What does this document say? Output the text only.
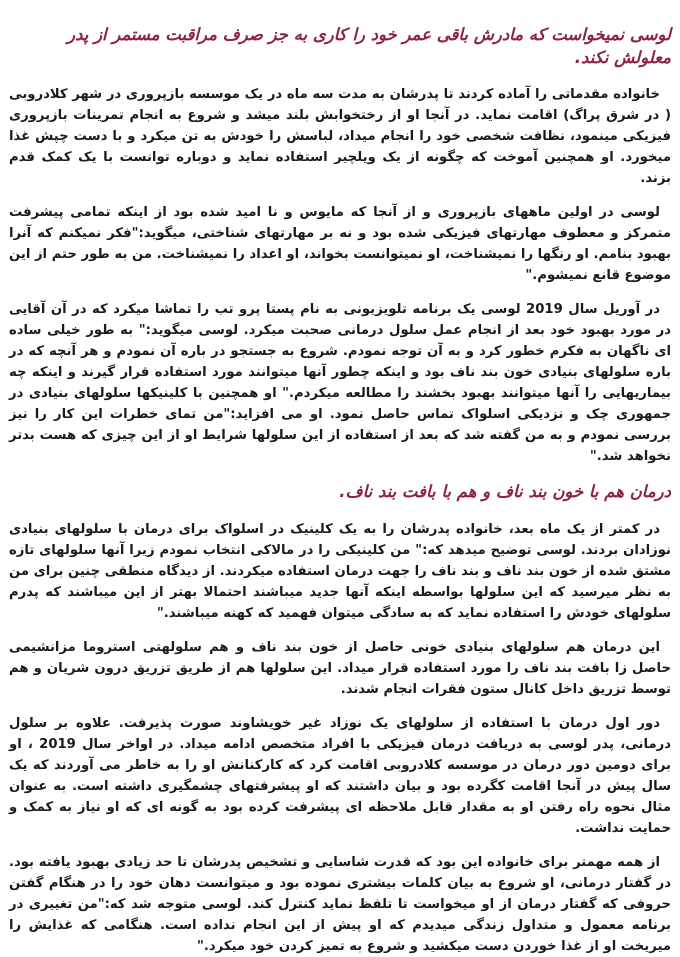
لوسی نمیخواست که مادرش باقی عمر خود را کاری به جز صرف مراقبت مستمر از پدر معلولش نکند.

خانواده مقدماتی را آماده کردند تا پدرشان به مدت سه ماه در یک موسسه بازپروری در شهر کلادروبی ( در شرق پراگ) اقامت نماید. در آنجا او از رختخوابش بلند میشد و شروع به انجام تمرینات بازپروری فیزیکی مینمود، نظافت شخصی خود را انجام میداد، لباسش را خودش به تن میکرد و با دست چپش غذا میخورد. او همچنین آموخت که چگونه از یک ویلچیر استفاده نماید و دوباره توانست با یک کمک قدم بزند.

لوسی در اولین ماههای بازپروری و از آنجا که مایوس و نا امید شده بود از اینکه تمامی پیشرفت متمرکز و معطوف مهارتهای فیزیکی شده بود و نه بر مهارتهای شناختی، میگوید:"فکر نمیکنم که آنرا بهبود بنامم. او رنگها را نمیشناخت، او نمیتوانست بخواند، او اعداد را نمیشناخت. من به طور حتم از این موضوع قانع نمیشوم."

در آوریل سال 2019 لوسی یک برنامه تلویزیونی به نام پستا پرو تب را تماشا میکرد که در آن آقایی در مورد بهبود خود بعد از انجام عمل سلول درمانی صحبت میکرد. لوسی میگوید:" به طور خیلی ساده ای ناگهان به فکرم خطور کرد و به آن توجه نمودم. شروع به جستجو در باره آن نمودم و هر آنچه که در باره سلولهای بنیادی خون بند ناف بود و اینکه چطور آنها میتوانند مورد استفاده قرار گیرند و اینکه چه بیماریهایی را آنها میتوانند بهبود بخشند را مطالعه میکردم." او همچنین با کلینیکها سلولهای بنیادی در جمهوری چک و نزدیکی اسلواک تماس حاصل نمود. او می افزاید:"من تمای خطرات این کار را نیز بررسی نمودم و به من گفته شد که بعد از استفاده از این سلولها شرایط او از این چیزی که هست بدتر نخواهد شد."

درمان هم با خون بند ناف و هم با بافت بند ناف.

در کمتر از یک ماه بعد، خانواده پدرشان را به یک کلینیک در اسلواک برای درمان با سلولهای بنیادی نوزادان بردند. لوسی توضیح میدهد که:" من کلینیکی را در مالاکی انتخاب نمودم زیرا آنها سلولهای تازه مشتق شده از خون بند ناف و بند ناف را جهت درمان استفاده میکردند. از دیدگاه منطقی چنین برای من به نظر میرسید که این سلولها بواسطه اینکه آنها جدید میباشند احتمالا بهتر از این میباشند که پدرم سلولهای خودش را استفاده نماید که به سادگی میتوان فهمید که کهنه میباشند."

این درمان هم سلولهای بنیادی خونی حاصل از خون بند ناف و هم سلولهتی استروما مزانشیمی حاصل زا بافت بند ناف را مورد استفاده قرار میداد. این سلولها هم از طریق تزریق درون شریان و هم توسط تزریق داخل کانال ستون فقرات انجام شدند.

دور اول درمان با استفاده از سلولهای یک نوزاد غیر خویشاوند صورت پذیرفت. علاوه بر سلول درمانی، پدر لوسی به دریافت درمان فیزیکی با افراد متخصص ادامه میداد. در اواخر سال 2019 ، او برای دومین دور درمان در موسسه کلادروبی اقامت کرد که کارکنانش او را به خاطر می آوردند که یک سال پیش در آنجا اقامت کگرده بود و بیان داشتند که او پیشرفتهای چشمگیری داشته است. به عنوان مثال نحوه راه رفتن او به مقدار قابل ملاحظه ای پیشرفت کرده بود به گونه ای که او نیاز به کمک و حمایت نداشت.

از همه مهمتر برای خانواده این بود که قدرت شاسایی و تشخیص پدرشان تا حد زیادی بهبود یافته بود. در گفتار درمانی، او شروع به بیان کلمات بیشتری نموده بود و میتوانست دهان خود را در هنگام گفتن حروفی که گفتار درمان از او میخواست تا تلفظ نماید کنترل کند. لوسی متوجه شد که:"من تغییری در برنامه معمول و متداول زندگی میدیدم که او پیش از این انجام نداده است. هنگامی که غذایش را میریخت او از غذا خوردن دست میکشید و شروع به تمیز کردن خود میکرد."
